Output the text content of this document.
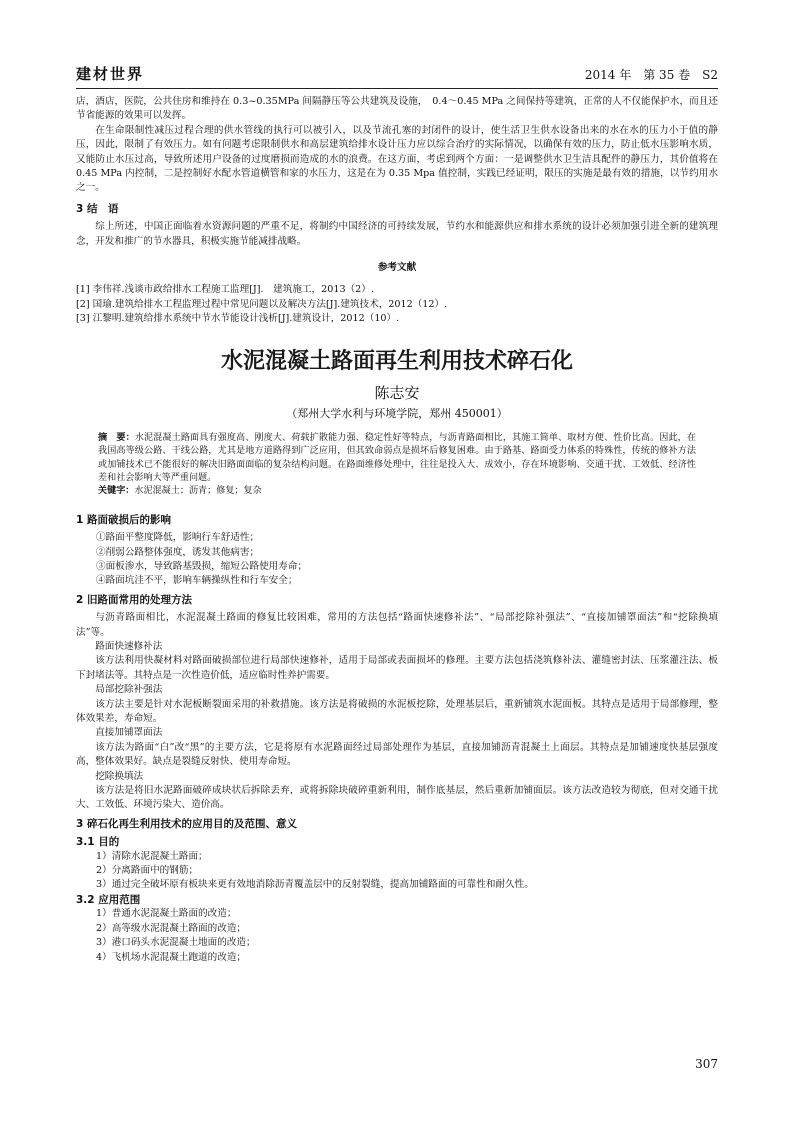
建材世界	2014 年　第 35 卷　S2

店，酒店，医院，公共住房和维持在 0.3~0.35MPa 间隔静压等公共建筑及设施，　0.4～0.45 MPa 之间保持等建筑，正常的人不仅能保护水，而且还节省能源的效果可以发挥。

在生命限制性减压过程合理的供水管线的执行可以被引入，以及节流孔塞的封闭件的设计，使生活卫生供水设备出来的水在水的压力小于值的静压，因此，限制了有效压力。如有问题考虑限制供水和高层建筑给排水设计压力应以综合治疗的实际情况，以确保有效的压力，防止低水压影响水质，又能防止水压过高，导致所述用户设备的过度磨损而造成的水的浪费。在这方面，考虑到两个方面：一是调整供水卫生洁具配件的静压力，其价值将在 0.45 MPa 内控制，二是控制好水配水管道横管和家的水压力，这是在为 0.35 Mpa 值控制，实践已经证明，限压的实施是最有效的措施，以节约用水之一。

3 结　语

综上所述，中国正面临着水资源问题的严重不足，将制约中国经济的可持续发展，节约水和能源供应和排水系统的设计必须加强引进全新的建筑理念，开发和推广的节水器具，积极实施节能减排战略。

参考文献

[1] 李伟祥.浅谈市政给排水工程施工监理[J].　建筑施工，2013（2）.

[2] 国瑜.建筑给排水工程监理过程中常见问题以及解决方法[J].建筑技术，2012（12）.

[3] 江黎明.建筑给排水系统中节水节能设计浅析[J].建筑设计，2012（10）.

水泥混凝土路面再生利用技术碎石化
陈志安
（郑州大学水利与环境学院，郑州 450001）

摘　要：水泥混凝土路面具有强度高、刚度大、荷载扩散能力强、稳定性好等特点，与沥青路面相比，其施工简单、取材方便、性价比高。因此，在我国高等级公路、干线公路，尤其是地方道路得到广泛应用，但其致命弱点是损坏后修复困难。由于路基、路面受力体系的特殊性，传统的修补方法或加铺技术已不能很好的解决旧路面面临的复杂结构问题。在路面维修处理中，往往是投入大、成效小，存在环境影响、交通干扰、工效低、经济性差和社会影响大等严重问题。

关键字：水泥混凝土；沥青；修复；复杂

1 路面破损后的影响

①路面平整度降低，影响行车舒适性；

②削弱公路整体强度，诱发其他病害；

③面板渗水，导致路基毁损，缩短公路使用寿命；

④路面坑洼不平，影响车辆操纵性和行车安全；

2 旧路面常用的处理方法

与沥青路面相比，水泥混凝土路面的修复比较困难，常用的方法包括“路面快速修补法”、“局部挖除补强法”、“直接加铺罩面法”和“挖除换填法”等。

路面快速修补法

该方法利用快凝材料对路面破损部位进行局部快速修补，适用于局部或表面损坏的修理。主要方法包括浇筑修补法、灌缝密封法、压浆灌注法、板下封堵法等。其特点是一次性造价低，适应临时性养护需要。

局部挖除补强法

该方法主要是针对水泥板断裂面采用的补救措施。该方法是将破损的水泥板挖除，处理基层后，重新铺筑水泥面板。其特点是适用于局部修理，整体效果差，寿命短。

直接加铺罩面法

该方法为路面“白”改“黑”的主要方法，它是将原有水泥路面经过局部处理作为基层，直接加铺沥青混凝土上面层。其特点是加铺速度快基层强度高，整体效果好。缺点是裂缝反射快、使用寿命短。

挖除换填法

该方法是将旧水泥路面破碎成块状后拆除丢弃，或将拆除块破碎重新利用，制作底基层，然后重新加铺面层。该方法改造较为彻底，但对交通干扰大、工效低、环境污染大、造价高。

3 碎石化再生利用技术的应用目的及范围、意义

3.1 目的

1）清除水泥混凝土路面；

2）分离路面中的钢筋；

3）通过完全破坏原有板块来更有效地消除沥青覆盖层中的反射裂缝，提高加铺路面的可靠性和耐久性。

3.2 应用范围

1）普通水泥混凝土路面的改造；

2）高等级水泥混凝土路面的改造；

3）港口码头水泥混凝土地面的改造；

4）飞机场水泥混凝土跑道的改造；

307
